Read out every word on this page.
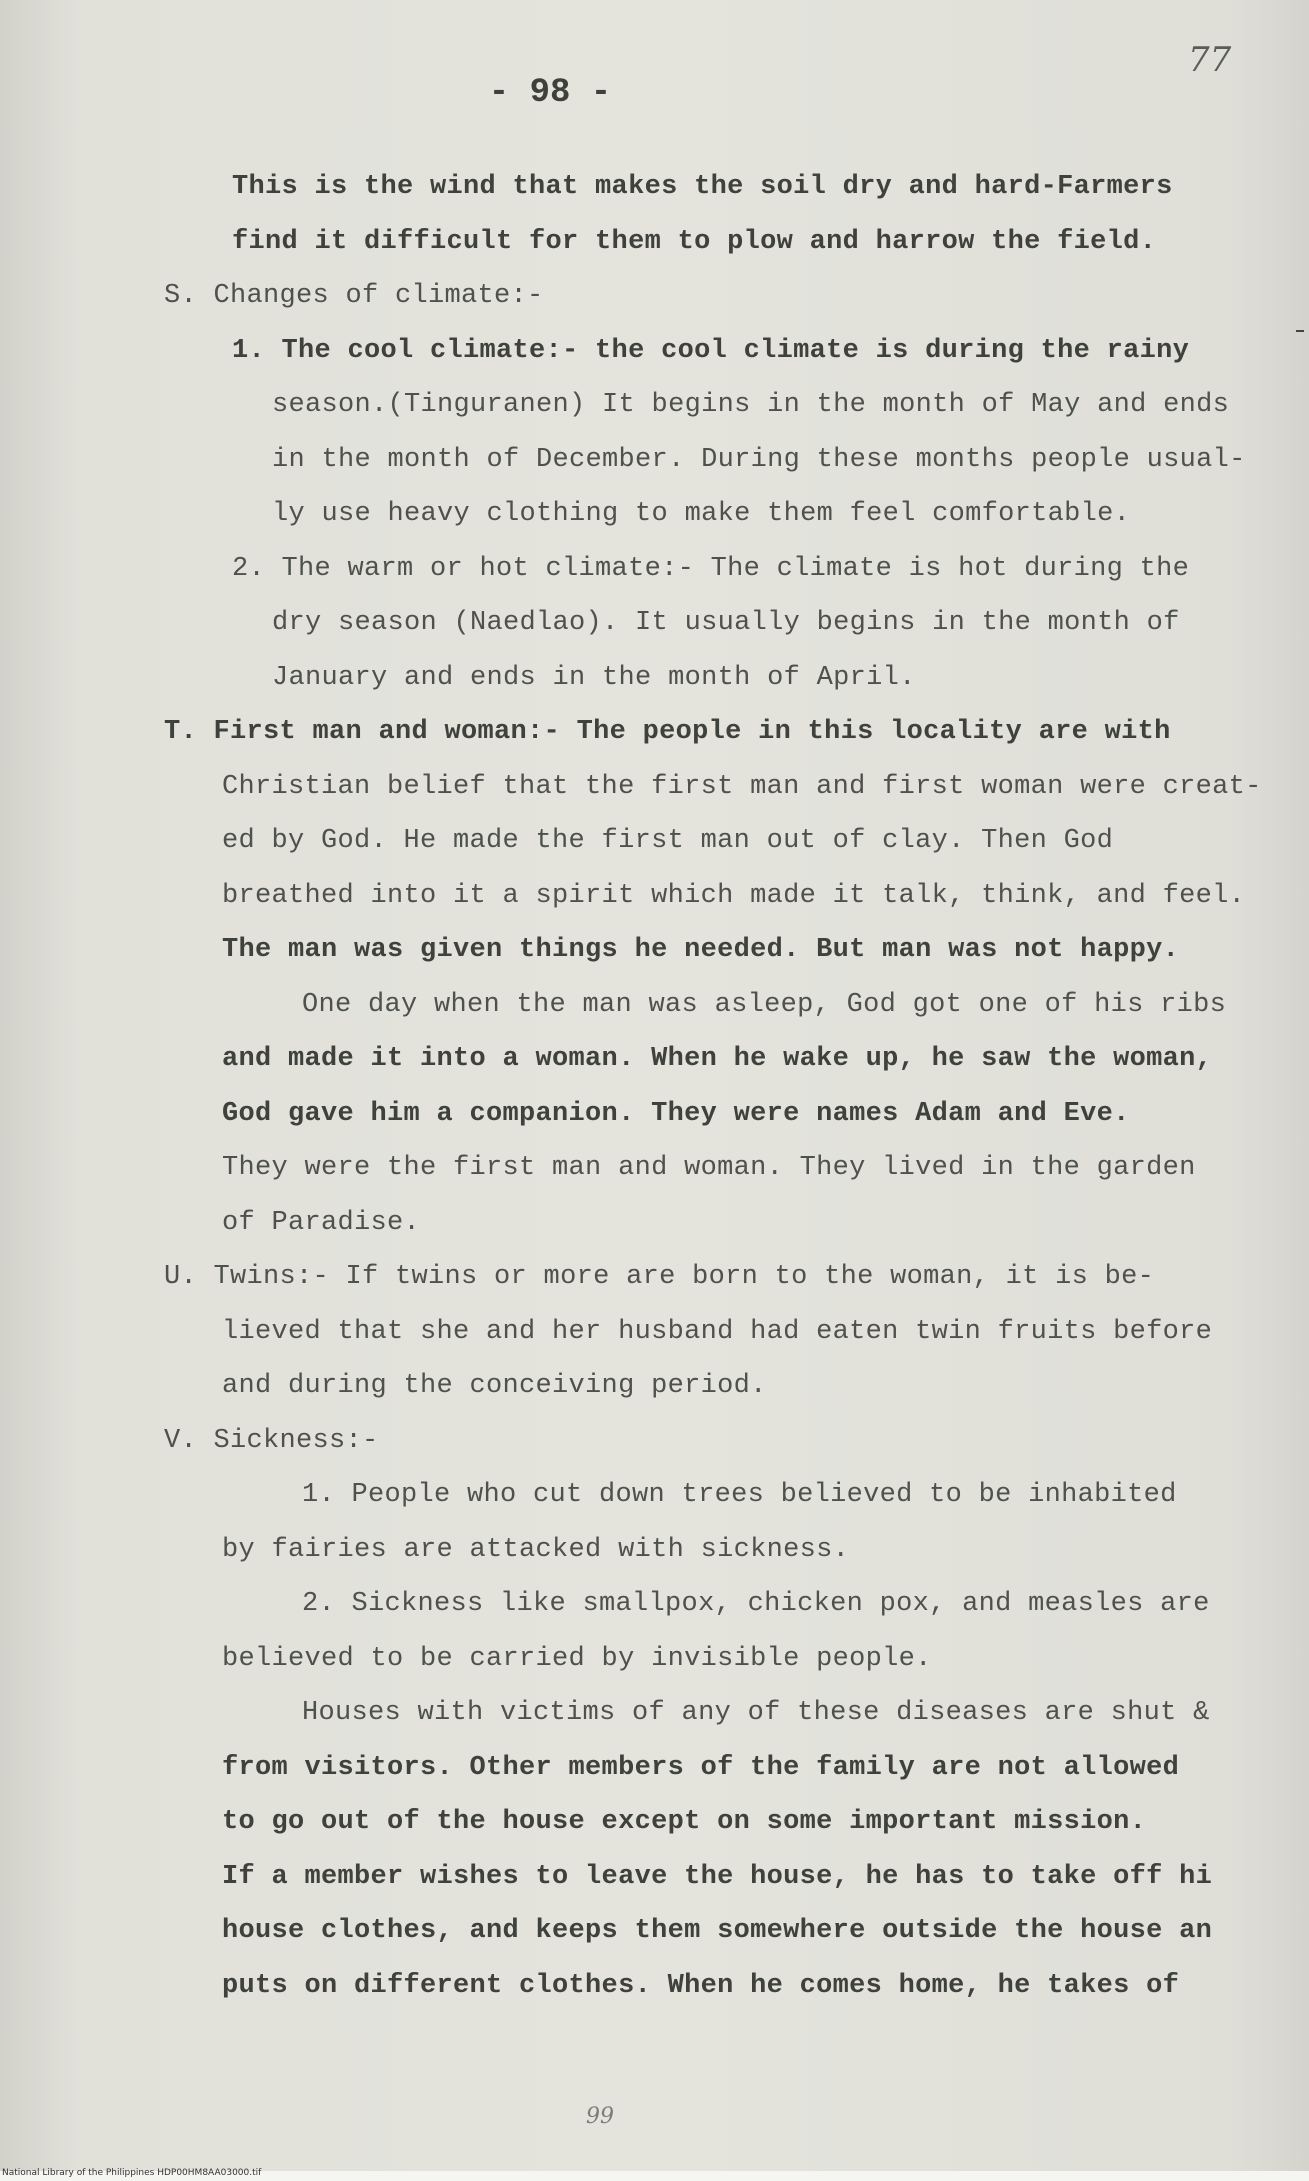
- 98 -
77
This is the wind that makes the soil dry and hard-Farmers
find it difficult for them to plow and harrow the field.
S. Changes of climate:-
1. The cool climate:- the cool climate is during the rainy
season.(Tinguranen) It begins in the month of May and ends
in the month of December. During these months people usual-
ly use heavy clothing to make them feel comfortable.
2. The warm or hot climate:- The climate is hot during the
dry season (Naedlao). It usually begins in the month of
January and ends in the month of April.
T. First man and woman:- The people in this locality are with
Christian belief that the first man and first woman were creat-
ed by God. He made the first man out of clay. Then God
breathed into it a spirit which made it talk, think, and feel.
The man was given things he needed. But man was not happy.
One day when the man was asleep, God got one of his ribs
and made it into a woman. When he wake up, he saw the woman,
God gave him a companion. They were names Adam and Eve.
They were the first man and woman. They lived in the garden
of Paradise.
U. Twins:- If twins or more are born to the woman, it is be-
lieved that she and her husband had eaten twin fruits before
and during the conceiving period.
V. Sickness:-
1. People who cut down trees believed to be inhabited
by fairies are attacked with sickness.
2. Sickness like smallpox, chicken pox, and measles are
believed to be carried by invisible people.
Houses with victims of any of these diseases are shut &
from visitors. Other members of the family are not allowed
to go out of the house except on some important mission.
If a member wishes to leave the house, he has to take off hi
house clothes, and keeps them somewhere outside the house an
puts on different clothes. When he comes home, he takes of
99
National Library of the Philippines HDP00HM8AA03000.tif
